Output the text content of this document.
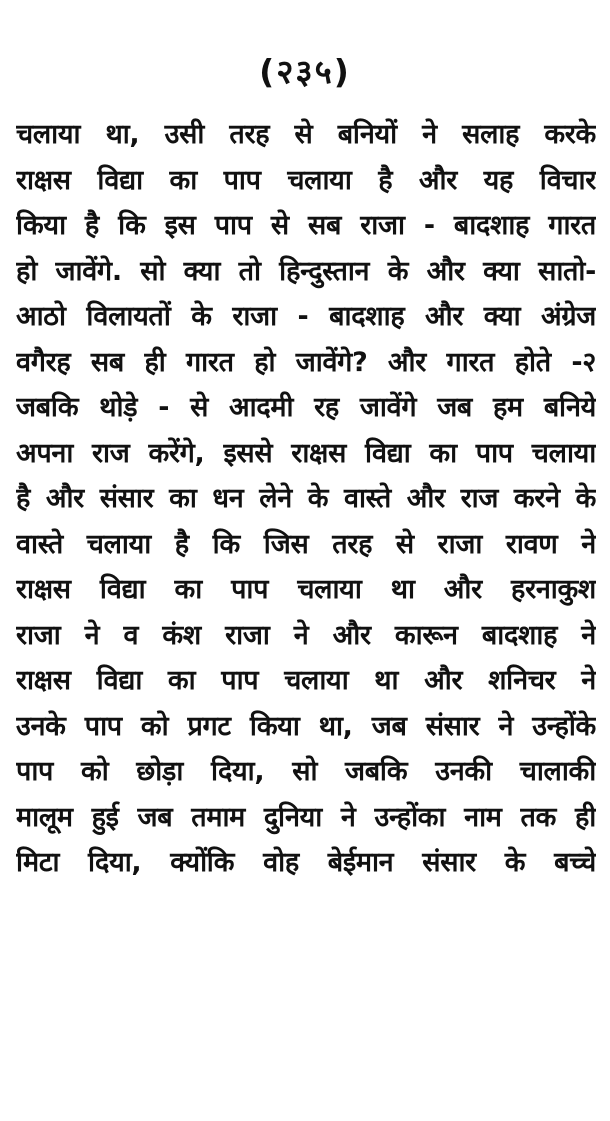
(२३५)
चलाया था, उसी तरह से बनियों ने सलाह करके
राक्षस विद्या का पाप चलाया है और यह विचार
किया है कि इस पाप से सब राजा - बादशाह गारत
हो जावेंगे. सो क्या तो हिन्दुस्तान के और क्या सातो-
आठो विलायतों के राजा - बादशाह और क्या अंग्रेज
वगैरह सब ही गारत हो जावेंगे? और गारत होते -२
जबकि थोड़े - से आदमी रह जावेंगे जब हम बनिये
अपना राज करेंगे, इससे राक्षस विद्या का पाप चलाया
है और संसार का धन लेने के वास्ते और राज करने के
वास्ते चलाया है कि जिस तरह से राजा रावण ने
राक्षस विद्या का पाप चलाया था और हरनाकुश
राजा ने व कंश राजा ने और कारून बादशाह ने
राक्षस विद्या का पाप चलाया था और शनिचर ने
उनके पाप को प्रगट किया था, जब संसार ने उन्होंके
पाप को छोड़ा दिया, सो जबकि उनकी चालाकी
मालूम हुई जब तमाम दुनिया ने उन्होंका नाम तक ही
मिटा दिया, क्योंकि वोह बेईमान संसार के बच्चे
